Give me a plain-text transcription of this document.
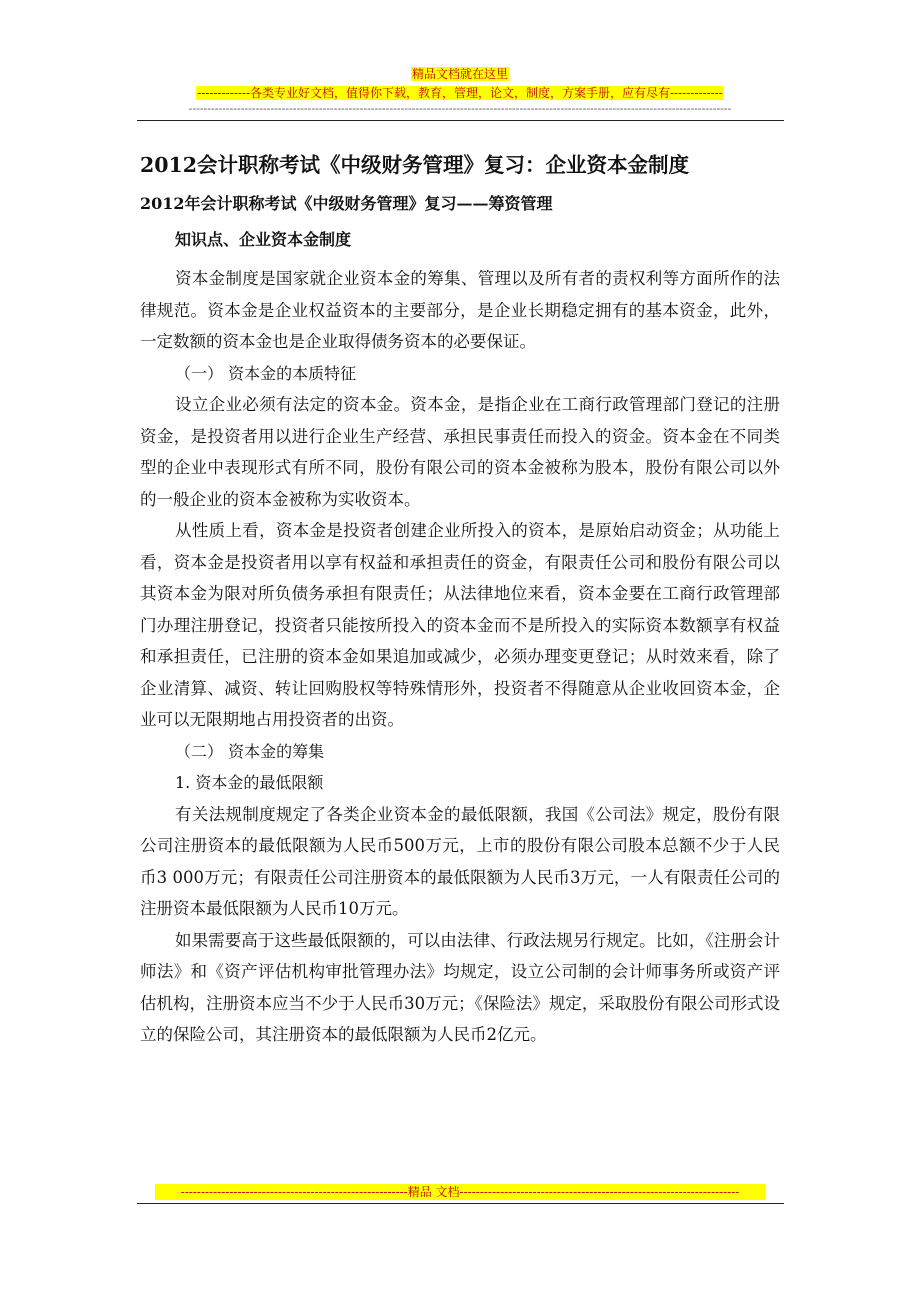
精品文档就在这里
-------------各类专业好文档，值得你下载，教育，管理，论文，制度，方案手册，应有尽有-------------
--------------------------------------------------------------------------------------------------------------------------------------------------
2012会计职称考试《中级财务管理》复习：企业资本金制度
2012年会计职称考试《中级财务管理》复习——筹资管理
知识点、企业资本金制度

资本金制度是国家就企业资本金的筹集、管理以及所有者的责权利等方面所作的法律规范。资本金是企业权益资本的主要部分，是企业长期稳定拥有的基本资金，此外，一定数额的资本金也是企业取得债务资本的必要保证。

（一） 资本金的本质特征

设立企业必须有法定的资本金。资本金，是指企业在工商行政管理部门登记的注册资金，是投资者用以进行企业生产经营、承担民事责任而投入的资金。资本金在不同类型的企业中表现形式有所不同，股份有限公司的资本金被称为股本，股份有限公司以外的一般企业的资本金被称为实收资本。

从性质上看，资本金是投资者创建企业所投入的资本，是原始启动资金；从功能上看，资本金是投资者用以享有权益和承担责任的资金，有限责任公司和股份有限公司以其资本金为限对所负债务承担有限责任；从法律地位来看，资本金要在工商行政管理部门办理注册登记，投资者只能按所投入的资本金而不是所投入的实际资本数额享有权益和承担责任，已注册的资本金如果追加或减少，必须办理变更登记；从时效来看，除了企业清算、减资、转让回购股权等特殊情形外，投资者不得随意从企业收回资本金，企业可以无限期地占用投资者的出资。

（二） 资本金的筹集

1. 资本金的最低限额

有关法规制度规定了各类企业资本金的最低限额，我国《公司法》规定，股份有限公司注册资本的最低限额为人民币500万元，上市的股份有限公司股本总额不少于人民币3 000万元；有限责任公司注册资本的最低限额为人民币3万元，一人有限责任公司的注册资本最低限额为人民币10万元。

如果需要高于这些最低限额的，可以由法律、行政法规另行规定。比如，《注册会计师法》和《资产评估机构审批管理办法》均规定，设立公司制的会计师事务所或资产评估机构，注册资本应当不少于人民币30万元；《保险法》规定，采取股份有限公司形式设立的保险公司，其注册资本的最低限额为人民币2亿元。

--------------------------------------------------------精品 文档---------------------------------------------------------------------
